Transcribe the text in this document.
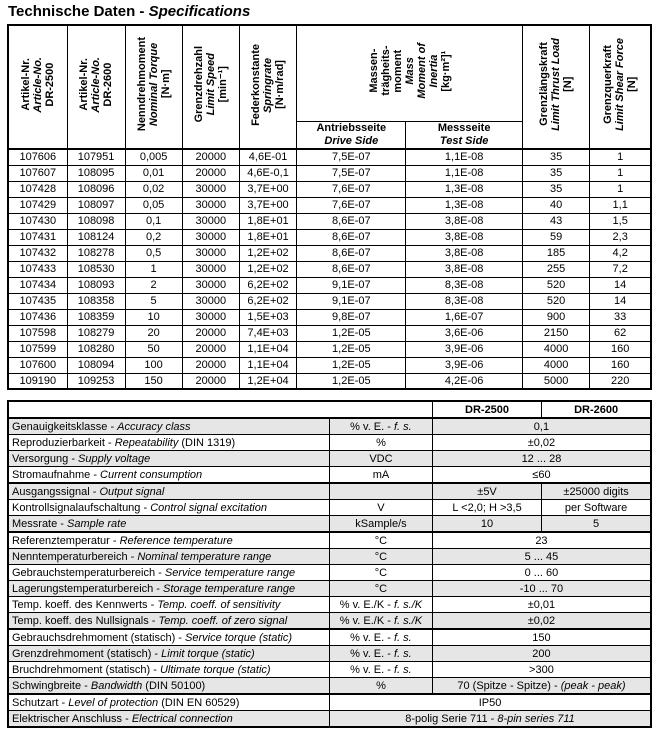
Technische Daten - Specifications
Artikel-Nr. Article-No. DR-2500	Artikel-Nr. Article-No. DR-2600	Nenndrehmoment Nominal Torque [N·m]	Grenzdrehzahl Limit Speed [min⁻¹]	Federkonstante Springrate [N·m/rad]	Massen- trägheits- moment Mass Moment of Inertia [kg·m²]¹	Grenzlängskraft Limit Thrust Load [N]	Grenzquerkraft Limit Shear Force [N]

Antriebsseite
Drive Side

Messseite
Test Side

107606	107951	0,005	20000	4,6E-01	7,5E-07	1,1E-08	35	1
107607	108095	0,01	20000	4,6E-0,1	7,5E-07	1,1E-08	35	1
107428	108096	0,02	30000	3,7E+00	7,6E-07	1,3E-08	35	1
107429	108097	0,05	30000	3,7E+00	7,6E-07	1,3E-08	40	1,1
107430	108098	0,1	30000	1,8E+01	8,6E-07	3,8E-08	43	1,5
107431	108124	0,2	30000	1,8E+01	8,6E-07	3,8E-08	59	2,3
107432	108278	0,5	30000	1,2E+02	8,6E-07	3,8E-08	185	4,2
107433	108530	1	30000	1,2E+02	8,6E-07	3,8E-08	255	7,2
107434	108093	2	30000	6,2E+02	9,1E-07	8,3E-08	520	14
107435	108358	5	30000	6,2E+02	9,1E-07	8,3E-08	520	14
107436	108359	10	30000	1,5E+03	9,8E-07	1,6E-07	900	33
107598	108279	20	20000	7,4E+03	1,2E-05	3,6E-06	2150	62
107599	108280	50	20000	1,1E+04	1,2E-05	3,9E-06	4000	160
107600	108094	100	20000	1,1E+04	1,2E-05	3,9E-06	4000	160
109190	109253	150	20000	1,2E+04	1,2E-05	4,2E-06	5000	220
		DR-2500	DR-2600
Genauigkeitsklasse - Accuracy class	% v. E. - f. s.	0,1	
Reproduzierbarkeit - Repeatability (DIN 1319)	%	±0,02	
Versorgung - Supply voltage	VDC	12 ... 28	
Stromaufnahme - Current consumption	mA	≤60	
Ausgangssignal - Output signal		±5V	±25000 digits
Kontrollsignalaufschaltung - Control signal excitation	V	L <2,0; H >3,5	per Software
Messrate - Sample rate	kSample/s	10	5
Referenztemperatur - Reference temperature	°C	23	
Nenntemperaturbereich - Nominal temperature range	°C	5 ... 45	
Gebrauchstemperaturbereich - Service temperature range	°C	0 ... 60	
Lagerungstemperaturbereich - Storage temperature range	°C	-10 ... 70	
Temp. koeff. des Kennwerts - Temp. coeff. of sensitivity	% v. E./K - f. s./K	±0,01	
Temp. koeff. des Nullsignals - Temp. coeff. of zero signal	% v. E./K - f. s./K	±0,02	
Gebrauchsdrehmoment (statisch) - Service torque (static)	% v. E. - f. s.	150	
Grenzdrehmoment (statisch) - Limit torque (static)	% v. E. - f. s.	200	
Bruchdrehmoment (statisch) - Ultimate torque (static)	% v. E. - f. s.	>300	
Schwingbreite - Bandwidth (DIN 50100)	%	70 (Spitze - Spitze) - (peak - peak)	
Schutzart - Level of protection (DIN EN 60529)	IP50		
Elektrischer Anschluss - Electrical connection	8-polig Serie 711 - 8-pin series 711		
